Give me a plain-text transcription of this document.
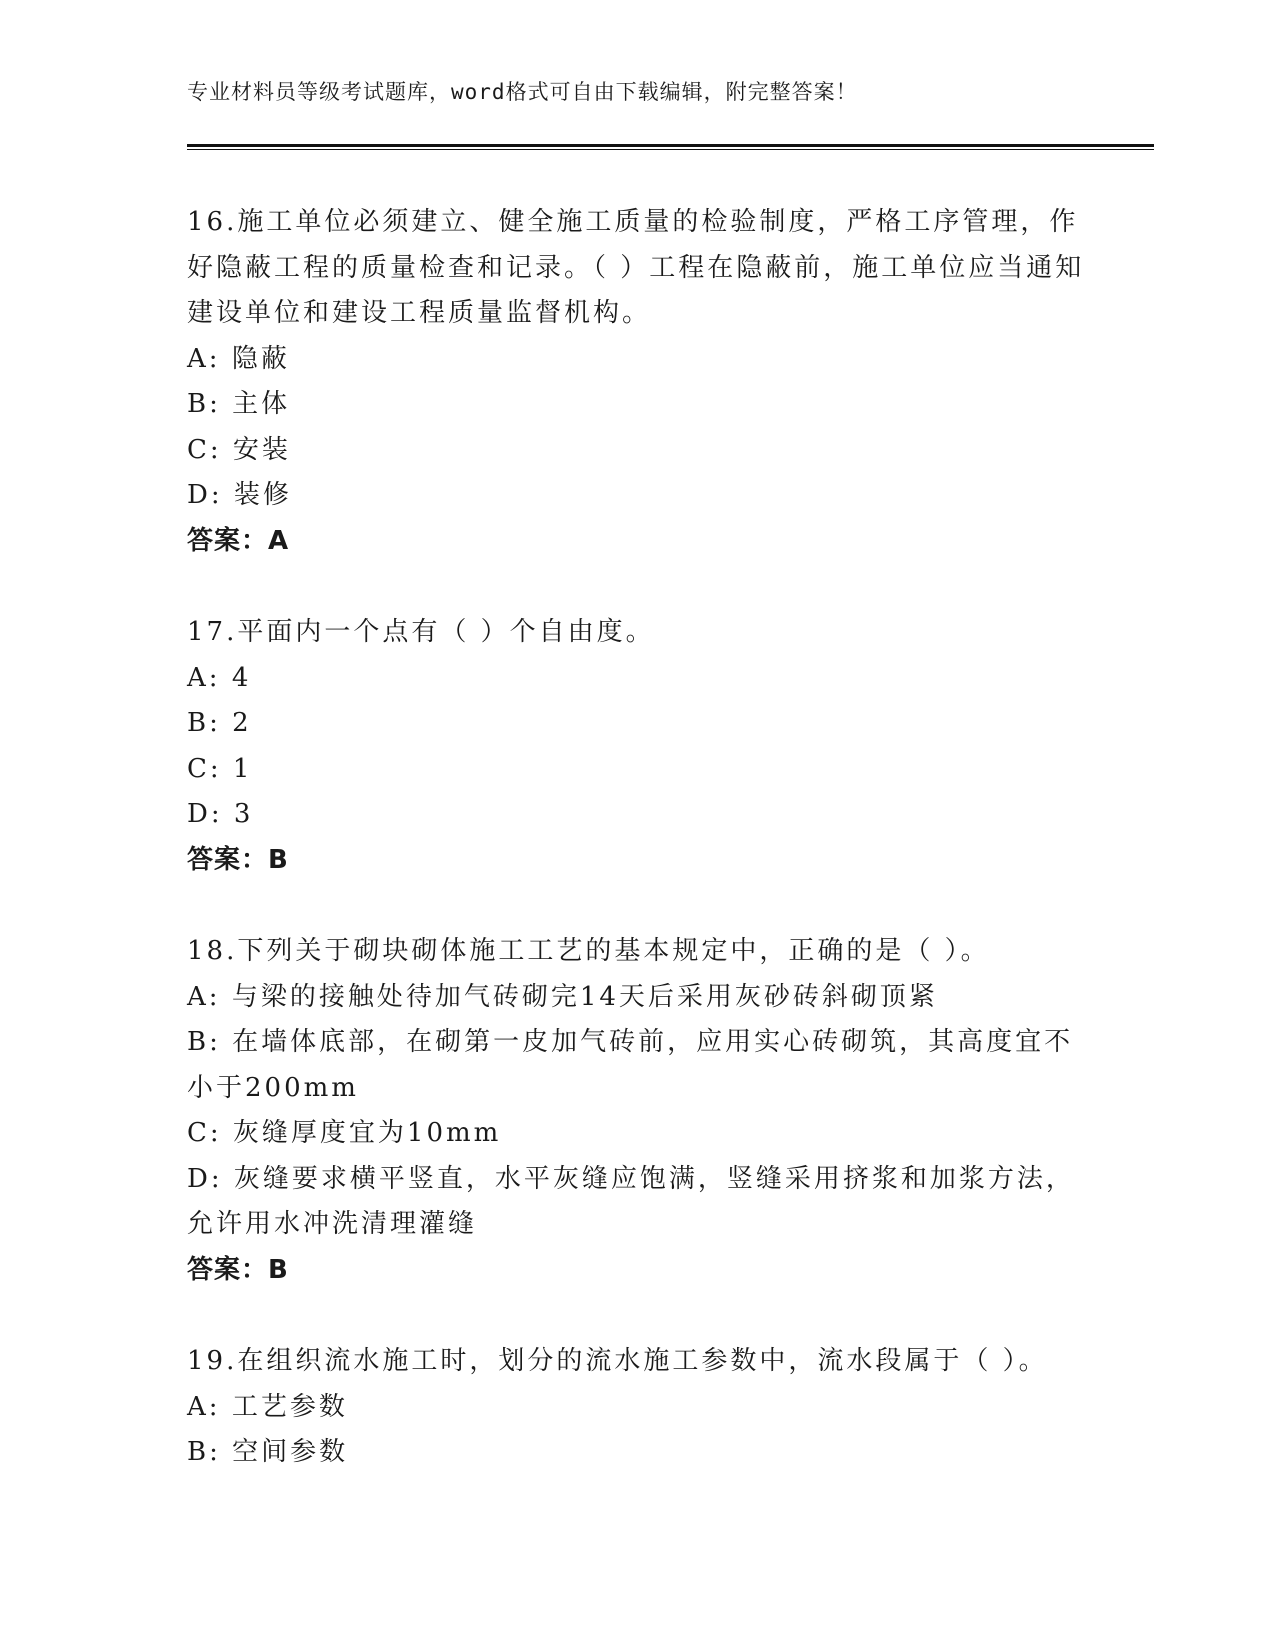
专业材料员等级考试题库，word格式可自由下载编辑，附完整答案！

16.施工单位必须建立、健全施工质量的检验制度，严格工序管理，作好隐蔽工程的质量检查和记录。（ ）工程在隐蔽前，施工单位应当通知建设单位和建设工程质量监督机构。

A: 隐蔽

B: 主体

C: 安装

D: 装修

答案：A

17.平面内一个点有（ ）个自由度。

A: 4

B: 2

C: 1

D: 3

答案：B

18.下列关于砌块砌体施工工艺的基本规定中，正确的是（ ）。

A: 与梁的接触处待加气砖砌完14天后采用灰砂砖斜砌顶紧

B: 在墙体底部，在砌第一皮加气砖前，应用实心砖砌筑，其高度宜不小于200mm

C: 灰缝厚度宜为10mm

D: 灰缝要求横平竖直，水平灰缝应饱满，竖缝采用挤浆和加浆方法，允许用水冲洗清理灌缝

答案：B

19.在组织流水施工时，划分的流水施工参数中，流水段属于（ ）。

A: 工艺参数

B: 空间参数
